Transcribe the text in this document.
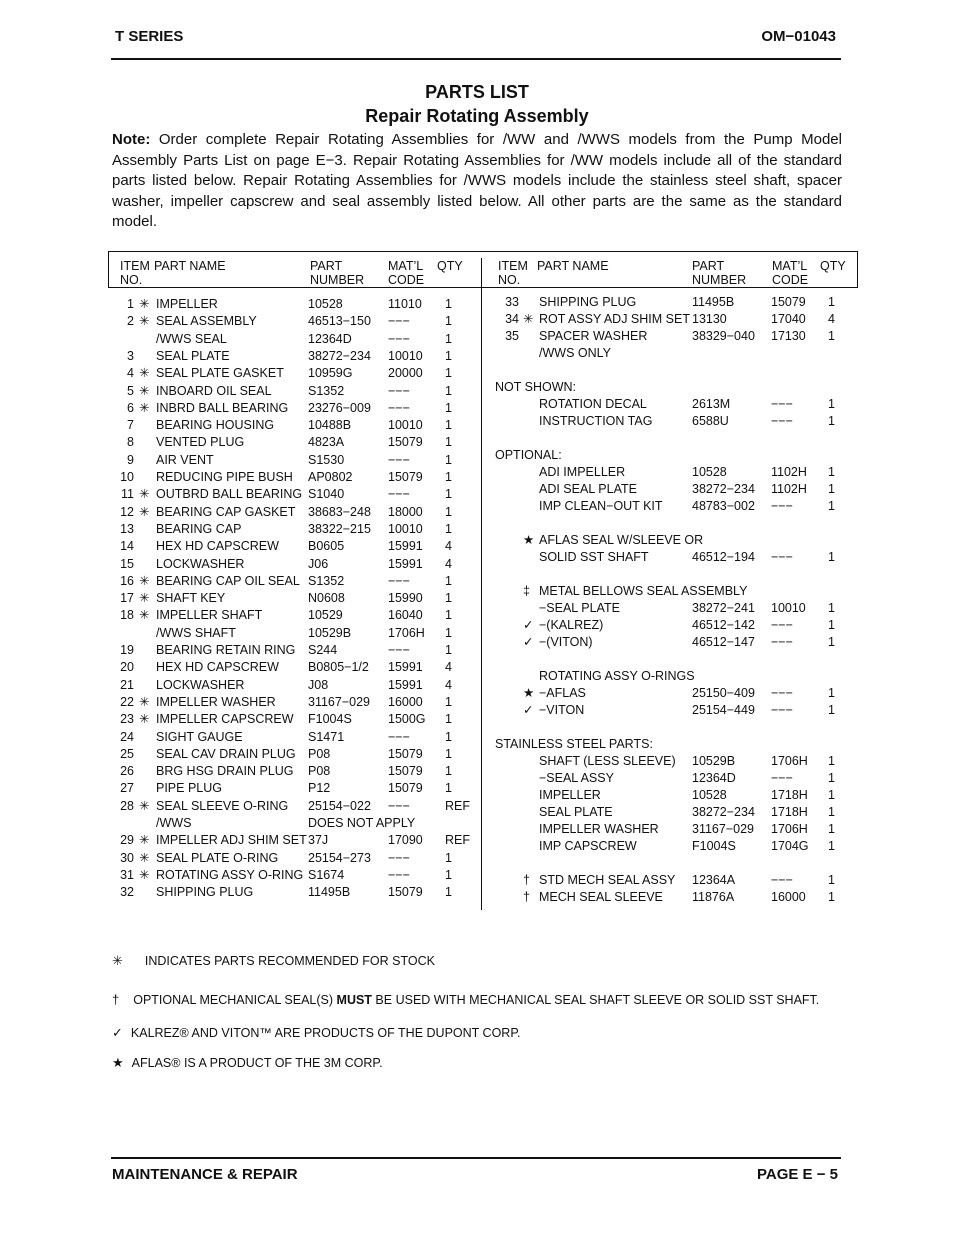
T SERIES	OM−01043
PARTS LIST
Repair Rotating Assembly
Note: Order complete Repair Rotating Assemblies for /WW and /WWS models from the Pump Model Assembly Parts List on page E−3. Repair Rotating Assemblies for /WW models include all of the standard parts listed below. Repair Rotating Assemblies for /WWS models include the stainless steel shaft, spacer washer, impeller capscrew and seal assembly listed below. All other parts are the same as the standard model.
ITEM
NO.
PART NAME	PART
NUMBER
MAT’L
CODE
QTY	ITEM
NO.
PART NAME	PART
NUMBER
MAT’L
CODE
QTY
1 ✳ IMPELLER	10528	11010 1
2 ✳ SEAL ASSEMBLY	46513−150 −−−	1
/WWS SEAL	12364D	−−−	1
3 SEAL PLATE	38272−234 10010 1
4 ✳ SEAL PLATE GASKET 10959G	20000 1
5 ✳ INBOARD OIL SEAL	S1352	−−−	1
6 ✳ INBRD BALL BEARING 23276−009 −−−	1
7 BEARING HOUSING	10488B	10010 1
8 VENTED PLUG	4823A	15079 1
9 AIR VENT	S1530	−−−	1
10 REDUCING PIPE BUSH AP0802	15079 1
11 ✳ OUTBRD BALL BEARING S1040	−−−	1
12 ✳ BEARING CAP GASKET 38683−248 18000 1
13 BEARING CAP	38322−215 10010 1
14 HEX HD CAPSCREW B0605	15991 4
15 LOCKWASHER	J06	15991 4
16 ✳ BEARING CAP OIL SEAL S1352	−−−	1
17 ✳ SHAFT KEY	N0608	15990 1
18 ✳ IMPELLER SHAFT	10529	16040 1
/WWS SHAFT	10529B	1706H 1
19 BEARING RETAIN RING S244	−−−	1
20 HEX HD CAPSCREW B0805−1/2 15991 4
21 LOCKWASHER	J08	15991 4
22 ✳ IMPELLER WASHER	31167−029 16000 1
23 ✳ IMPELLER CAPSCREW F1004S	1500G 1
24 SIGHT GAUGE	S1471	−−−	1
25 SEAL CAV DRAIN PLUG P08	15079 1
26 BRG HSG DRAIN PLUG P08	15079 1
27 PIPE PLUG	P12	15079 1
28 ✳ SEAL SLEEVE O-RING 25154−022 −−−	REF
/WWS	DOES NOT APPLY
29 ✳ IMPELLER ADJ SHIM SET 37J	17090 REF
30 ✳ SEAL PLATE O-RING 25154−273 −−−	1
31 ✳ ROTATING ASSY O-RING S1674	−−−	1
32 SHIPPING PLUG	11495B	15079 1
33 SHIPPING PLUG	11495B	15079 1
34 ✳ ROT ASSY ADJ SHIM SET 13130	17040 4
35 SPACER WASHER	38329−040 17130 1
/WWS ONLY
NOT SHOWN:
ROTATION DECAL	2613M	−−−	1
INSTRUCTION TAG	6588U	−−−	1
OPTIONAL:
ADI IMPELLER	10528	1102H 1
ADI SEAL PLATE	38272−234 1102H 1
IMP CLEAN−OUT KIT 48783−002 −−−	1
★ AFLAS SEAL W/SLEEVE OR
SOLID SST SHAFT	46512−194 −−−	1
‡ METAL BELLOWS SEAL ASSEMBLY
−SEAL PLATE	38272−241 10010 1
✓ −(KALREZ)	46512−142 −−−	1
✓ −(VITON)	46512−147 −−−	1
ROTATING ASSY O-RINGS
★ −AFLAS	25150−409 −−−	1
✓ −VITON	25154−449 −−−	1
STAINLESS STEEL PARTS:
SHAFT (LESS SLEEVE) 10529B	1706H 1
−SEAL ASSY	12364D	−−−	1
IMPELLER	10528	1718H 1
SEAL PLATE	38272−234 1718H 1
IMPELLER WASHER	31167−029 1706H 1
IMP CAPSCREW	F1004S	1704G 1
† STD MECH SEAL ASSY 12364A	−−−	1
† MECH SEAL SLEEVE 11876A	16000 1
✳ INDICATES PARTS RECOMMENDED FOR STOCK
† OPTIONAL MECHANICAL SEAL(S) MUST BE USED WITH MECHANICAL SEAL SHAFT SLEEVE OR SOLID SST SHAFT.
✓ KALREZ® AND VITON™ ARE PRODUCTS OF THE DUPONT CORP.
★ AFLAS® IS A PRODUCT OF THE 3M CORP.
MAINTENANCE & REPAIR	PAGE E − 5
